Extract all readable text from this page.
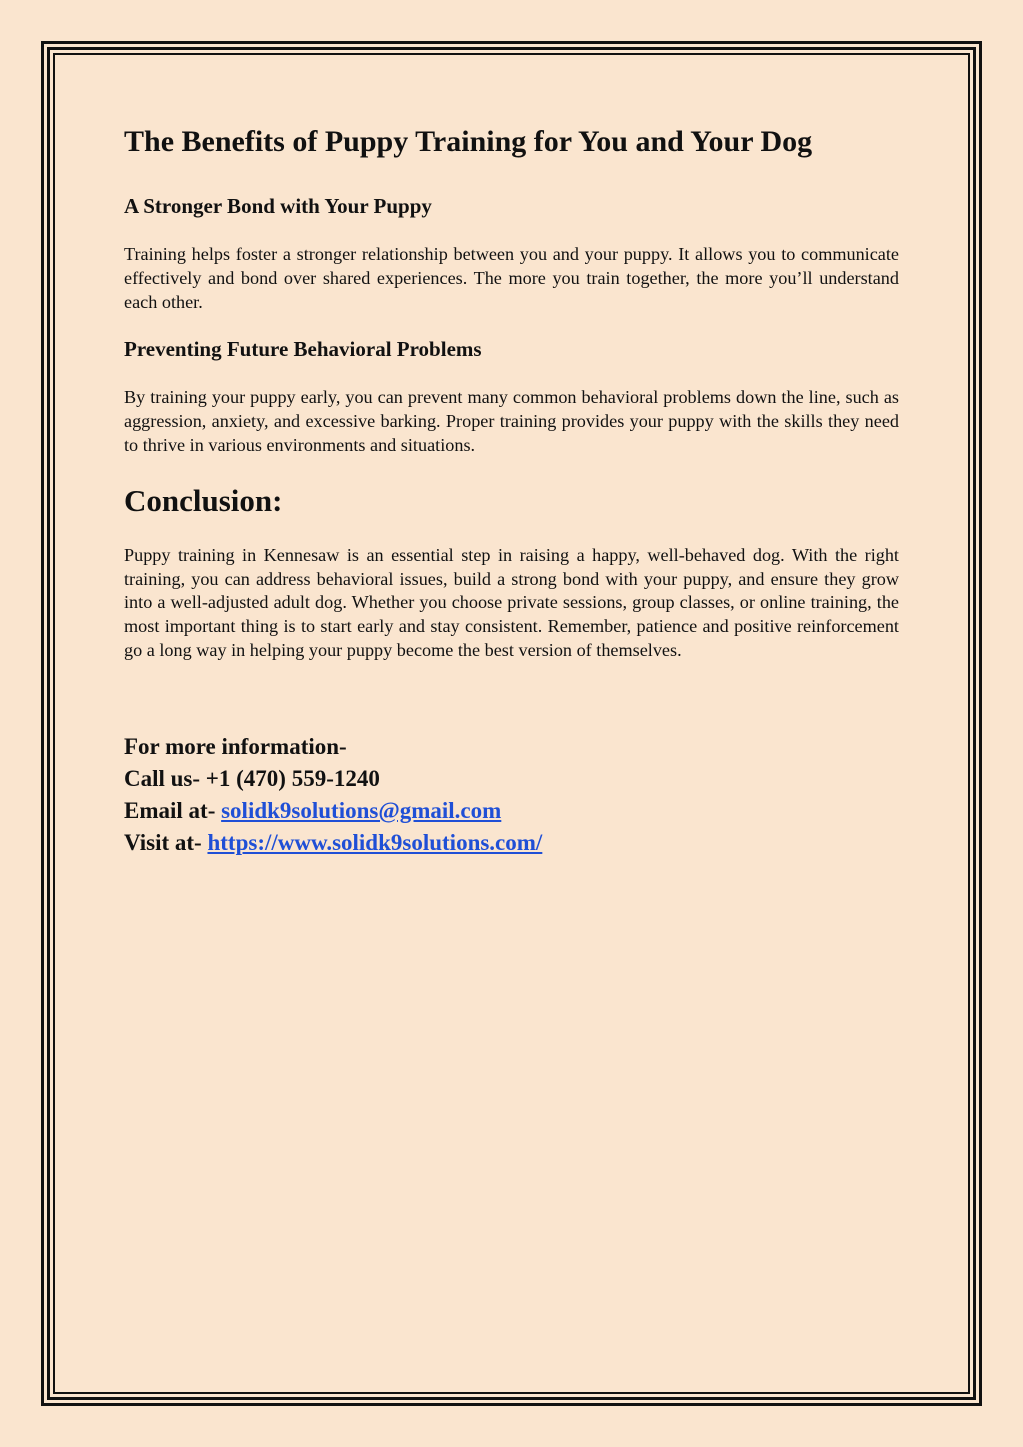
The Benefits of Puppy Training for You and Your Dog
A Stronger Bond with Your Puppy

Training helps foster a stronger relationship between you and your puppy. It allows you to communicate effectively and bond over shared experiences. The more you train together, the more you’ll understand each other.

Preventing Future Behavioral Problems

By training your puppy early, you can prevent many common behavioral problems down the line, such as aggression, anxiety, and excessive barking. Proper training provides your puppy with the skills they need to thrive in various environments and situations.

Conclusion:

Puppy training in Kennesaw is an essential step in raising a happy, well-behaved dog. With the right training, you can address behavioral issues, build a strong bond with your puppy, and ensure they grow into a well-adjusted adult dog. Whether you choose private sessions, group classes, or online training, the most important thing is to start early and stay consistent. Remember, patience and positive reinforcement go a long way in helping your puppy become the best version of themselves.

For more information-
Call us- +1 (470) 559-1240
Email at- solidk9solutions@gmail.com
Visit at- https://www.solidk9solutions.com/
